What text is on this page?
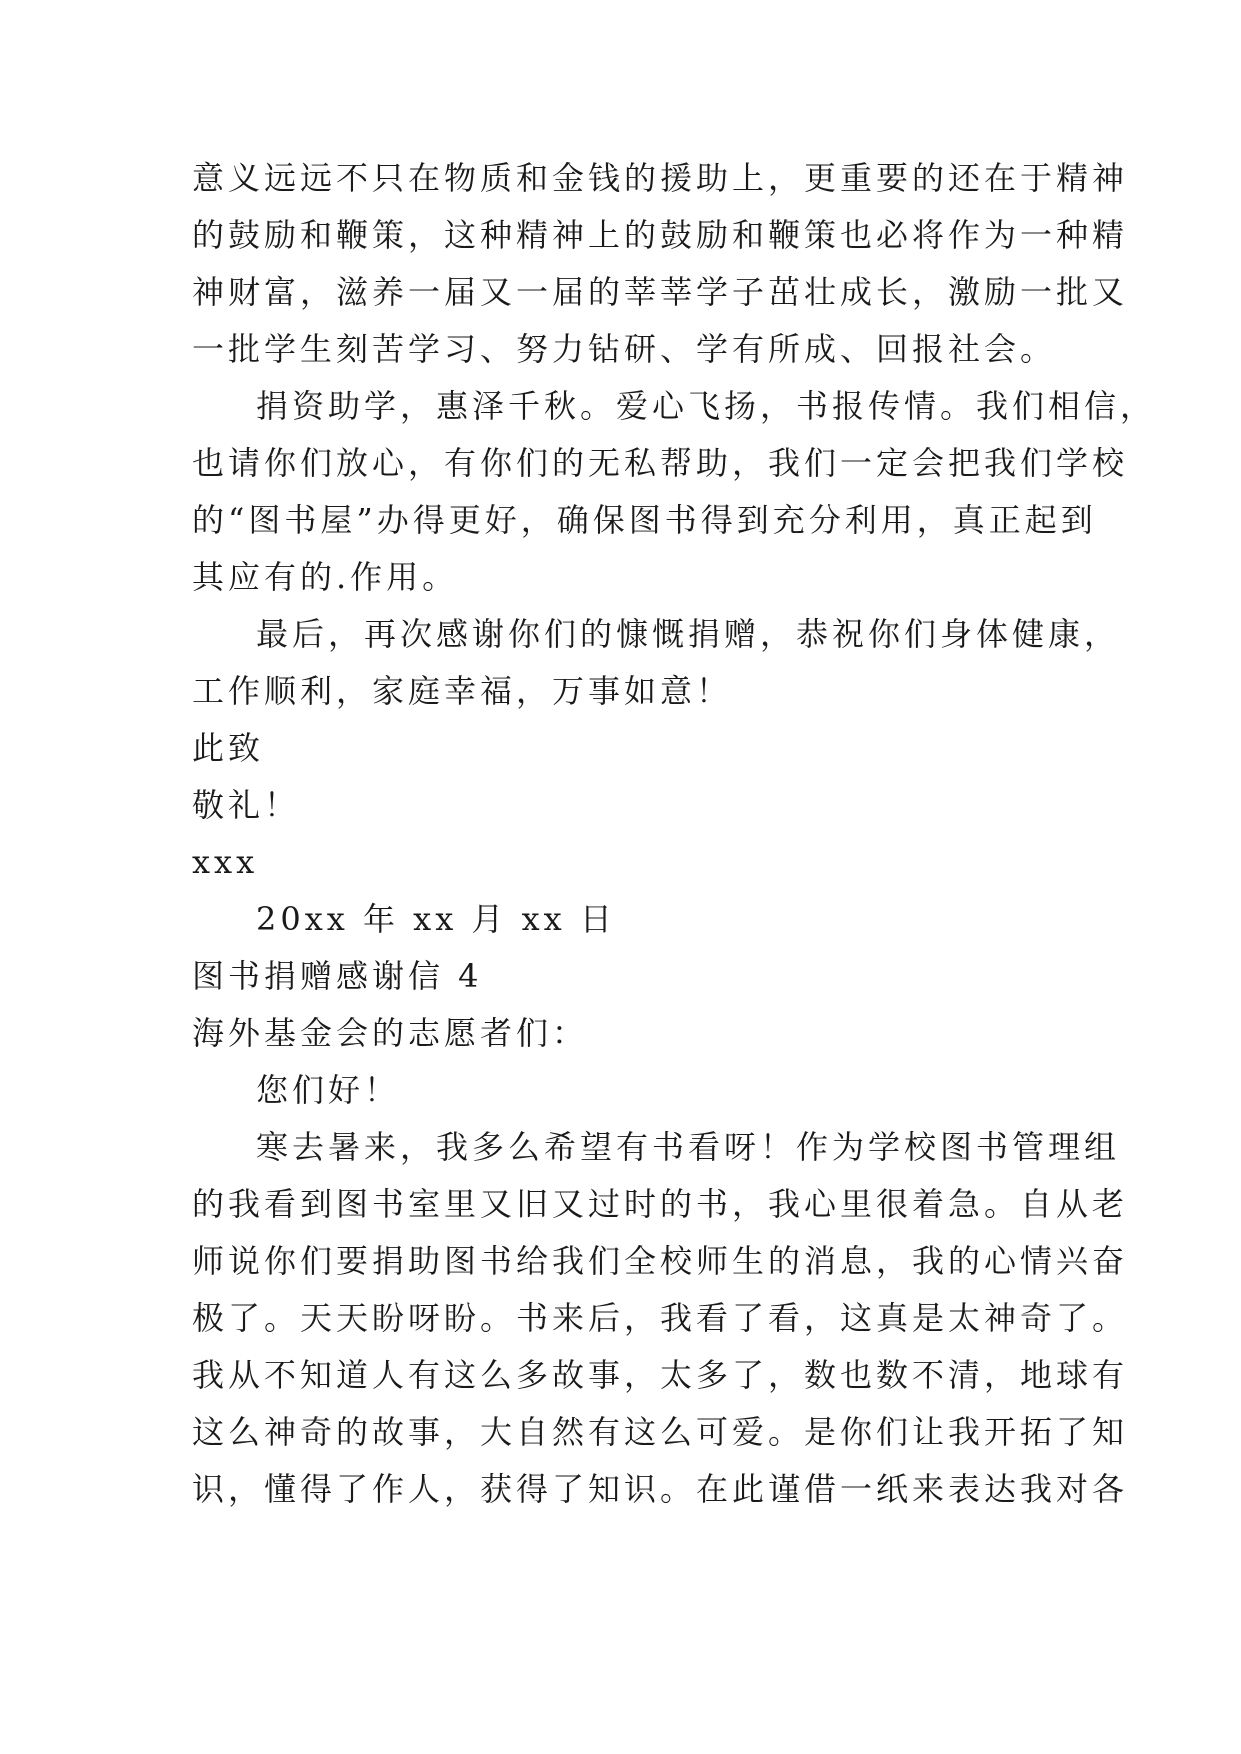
意义远远不只在物质和金钱的援助上，更重要的还在于精神
的鼓励和鞭策，这种精神上的鼓励和鞭策也必将作为一种精
神财富，滋养一届又一届的莘莘学子茁壮成长，激励一批又
一批学生刻苦学习、努力钻研、学有所成、回报社会。
捐资助学，惠泽千秋。爱心飞扬，书报传情。我们相信，
也请你们放心，有你们的无私帮助，我们一定会把我们学校
的“图书屋”办得更好，确保图书得到充分利用，真正起到
其应有的.作用。
最后，再次感谢你们的慷慨捐赠，恭祝你们身体健康，
工作顺利，家庭幸福，万事如意！
此致
敬礼！
xxx
20xx 年 xx 月 xx 日
图书捐赠感谢信 4
海外基金会的志愿者们：
您们好！
寒去暑来，我多么希望有书看呀！作为学校图书管理组
的我看到图书室里又旧又过时的书，我心里很着急。自从老
师说你们要捐助图书给我们全校师生的消息，我的心情兴奋
极了。天天盼呀盼。书来后，我看了看，这真是太神奇了。
我从不知道人有这么多故事，太多了，数也数不清，地球有
这么神奇的故事，大自然有这么可爱。是你们让我开拓了知
识，懂得了作人，获得了知识。在此谨借一纸来表达我对各
